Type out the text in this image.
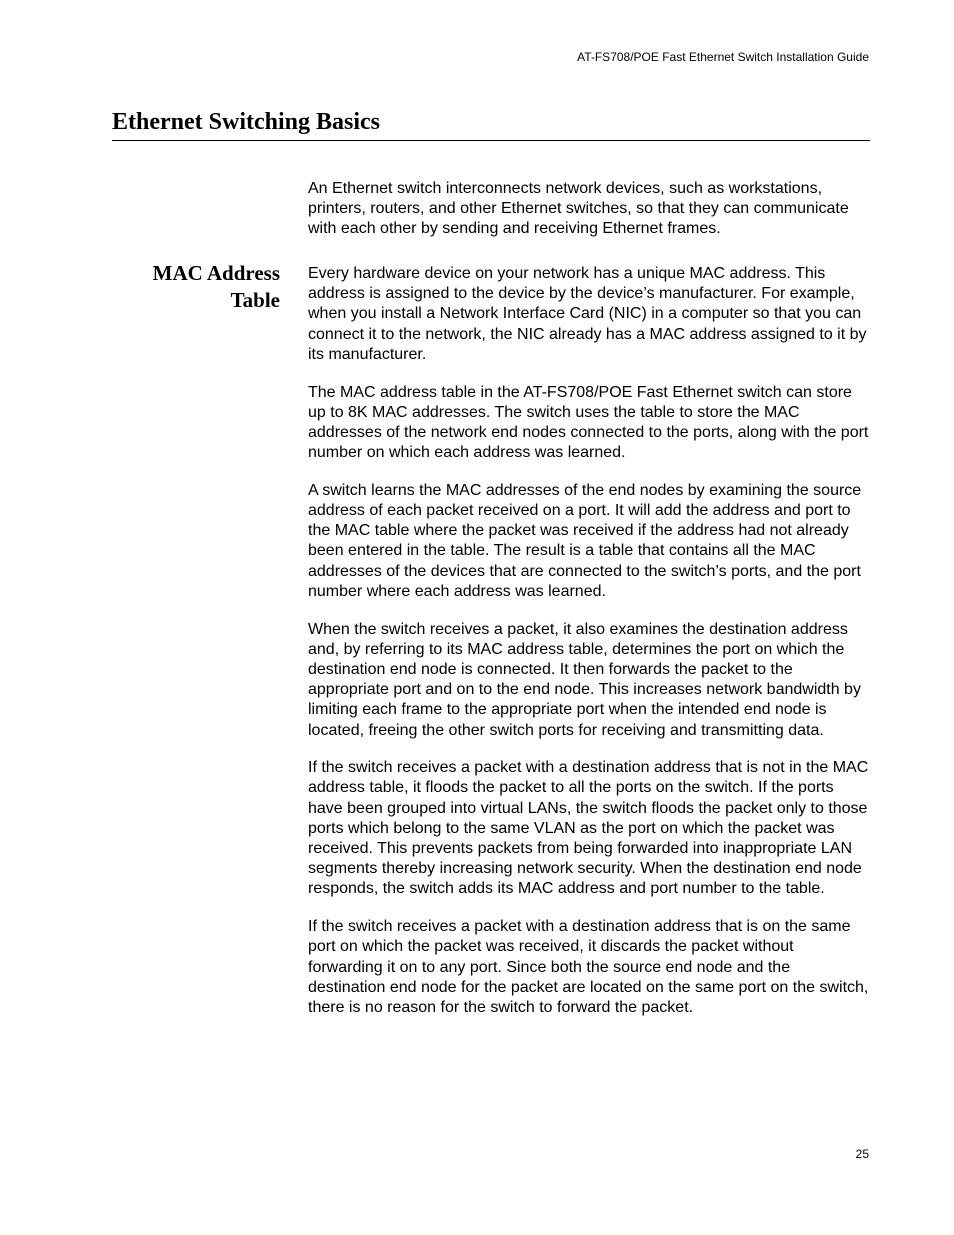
AT-FS708/POE Fast Ethernet Switch Installation Guide
Ethernet Switching Basics

An Ethernet switch interconnects network devices, such as workstations, printers, routers, and other Ethernet switches, so that they can communicate with each other by sending and receiving Ethernet frames.

MAC Address Table

Every hardware device on your network has a unique MAC address. This address is assigned to the device by the device’s manufacturer. For example, when you install a Network Interface Card (NIC) in a computer so that you can connect it to the network, the NIC already has a MAC address assigned to it by its manufacturer.

The MAC address table in the AT-FS708/POE Fast Ethernet switch can store up to 8K MAC addresses. The switch uses the table to store the MAC addresses of the network end nodes connected to the ports, along with the port number on which each address was learned.

A switch learns the MAC addresses of the end nodes by examining the source address of each packet received on a port. It will add the address and port to the MAC table where the packet was received if the address had not already been entered in the table. The result is a table that contains all the MAC addresses of the devices that are connected to the switch’s ports, and the port number where each address was learned.

When the switch receives a packet, it also examines the destination address and, by referring to its MAC address table, determines the port on which the destination end node is connected. It then forwards the packet to the appropriate port and on to the end node. This increases network bandwidth by limiting each frame to the appropriate port when the intended end node is located, freeing the other switch ports for receiving and transmitting data.

If the switch receives a packet with a destination address that is not in the MAC address table, it floods the packet to all the ports on the switch. If the ports have been grouped into virtual LANs, the switch floods the packet only to those ports which belong to the same VLAN as the port on which the packet was received. This prevents packets from being forwarded into inappropriate LAN segments thereby increasing network security. When the destination end node responds, the switch adds its MAC address and port number to the table.

If the switch receives a packet with a destination address that is on the same port on which the packet was received, it discards the packet without forwarding it on to any port. Since both the source end node and the destination end node for the packet are located on the same port on the switch, there is no reason for the switch to forward the packet.

25
